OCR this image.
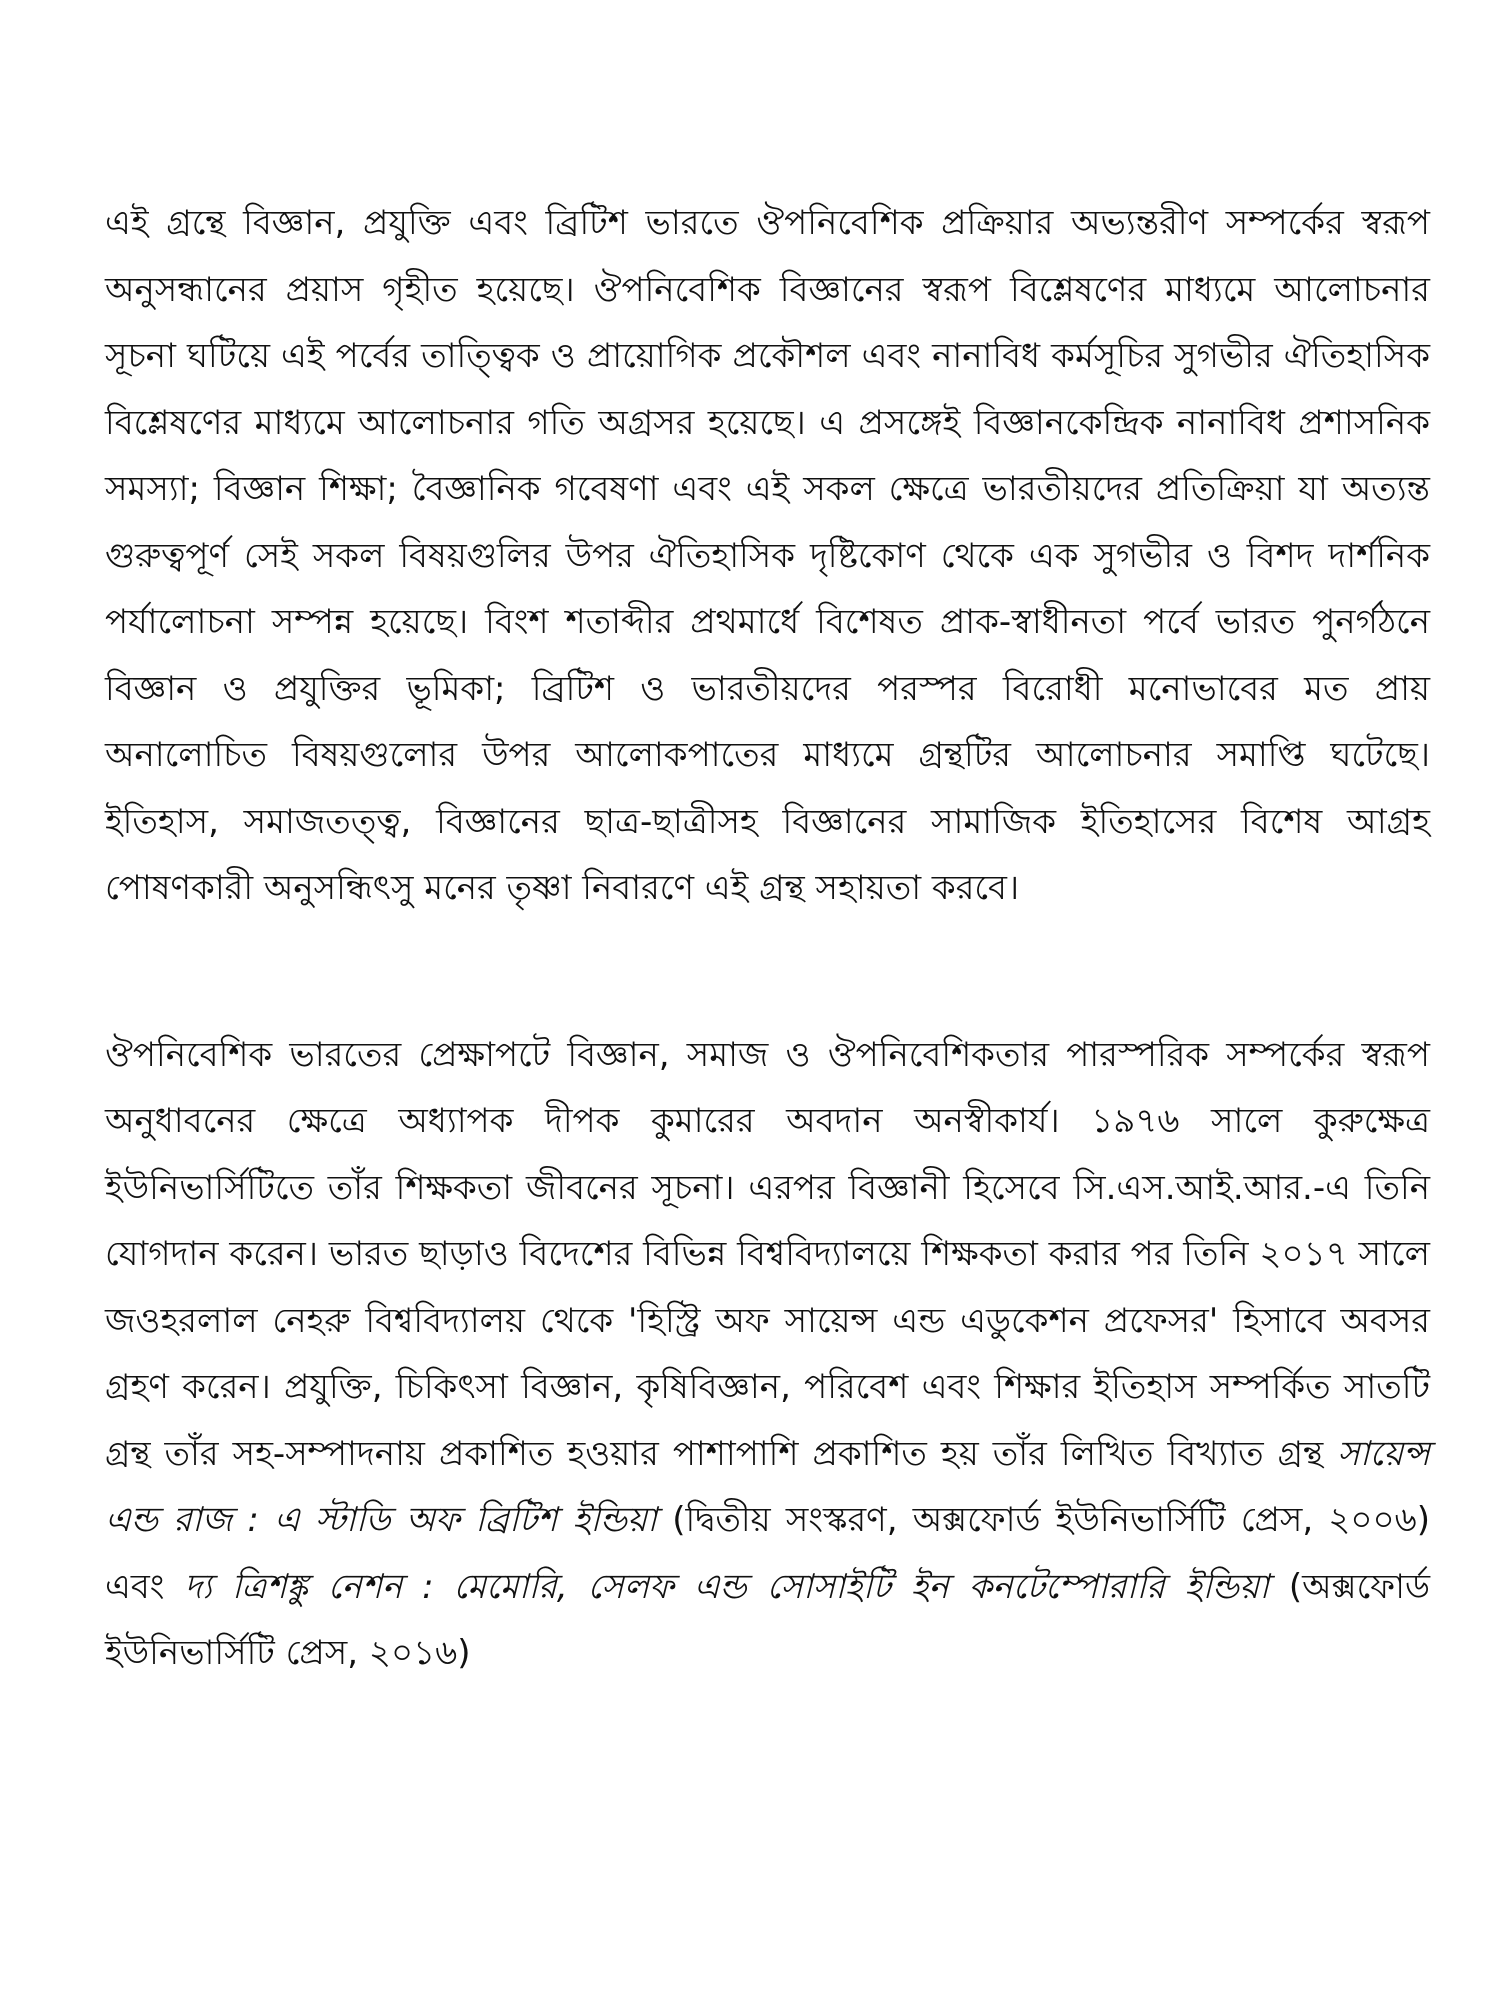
এই গ্রন্থে বিজ্ঞান, প্রযুক্তি এবং ব্রিটিশ ভারতে ঔপনিবেশিক প্রক্রিয়ার অভ্যন্তরীণ সম্পর্কের স্বরূপ অনুসন্ধানের প্রয়াস গৃহীত হয়েছে। ঔপনিবেশিক বিজ্ঞানের স্বরূপ বিশ্লেষণের মাধ্যমে আলোচনার সূচনা ঘটিয়ে এই পর্বের তাত্ত্বিক ও প্রায়োগিক প্রকৌশল এবং নানাবিধ কর্মসূচির সুগভীর ঐতিহাসিক বিশ্লেষণের মাধ্যমে আলোচনার গতি অগ্রসর হয়েছে। এ প্রসঙ্গেই বিজ্ঞানকেন্দ্রিক নানাবিধ প্রশাসনিক সমস্যা; বিজ্ঞান শিক্ষা; বৈজ্ঞানিক গবেষণা এবং এই সকল ক্ষেত্রে ভারতীয়দের প্রতিক্রিয়া যা অত্যন্ত গুরুত্বপূর্ণ সেই সকল বিষয়গুলির উপর ঐতিহাসিক দৃষ্টিকোণ থেকে এক সুগভীর ও বিশদ দার্শনিক পর্যালোচনা সম্পন্ন হয়েছে। বিংশ শতাব্দীর প্রথমার্ধে বিশেষত প্রাক-স্বাধীনতা পর্বে ভারত পুনর্গঠনে বিজ্ঞান ও প্রযুক্তির ভূমিকা; ব্রিটিশ ও ভারতীয়দের পরস্পর বিরোধী মনোভাবের মত প্রায় অনালোচিত বিষয়গুলোর উপর আলোকপাতের মাধ্যমে গ্রন্থটির আলোচনার সমাপ্তি ঘটেছে। ইতিহাস, সমাজতত্ত্ব, বিজ্ঞানের ছাত্র-ছাত্রীসহ বিজ্ঞানের সামাজিক ইতিহাসের বিশেষ আগ্রহ পোষণকারী অনুসন্ধিৎসু মনের তৃষ্ণা নিবারণে এই গ্রন্থ সহায়তা করবে।

ঔপনিবেশিক ভারতের প্রেক্ষাপটে বিজ্ঞান, সমাজ ও ঔপনিবেশিকতার পারস্পরিক সম্পর্কের স্বরূপ অনুধাবনের ক্ষেত্রে অধ্যাপক দীপক কুমারের অবদান অনস্বীকার্য। ১৯৭৬ সালে কুরুক্ষেত্র ইউনিভার্সিটিতে তাঁর শিক্ষকতা জীবনের সূচনা। এরপর বিজ্ঞানী হিসেবে সি.এস.আই.আর.-এ তিনি যোগদান করেন। ভারত ছাড়াও বিদেশের বিভিন্ন বিশ্ববিদ্যালয়ে শিক্ষকতা করার পর তিনি ২০১৭ সালে জওহরলাল নেহরু বিশ্ববিদ্যালয় থেকে 'হিস্ট্রি অফ সায়েন্স এন্ড এডুকেশন প্রফেসর' হিসাবে অবসর গ্রহণ করেন। প্রযুক্তি, চিকিৎসা বিজ্ঞান, কৃষিবিজ্ঞান, পরিবেশ এবং শিক্ষার ইতিহাস সম্পর্কিত সাতটি গ্রন্থ তাঁর সহ-সম্পাদনায় প্রকাশিত হওয়ার পাশাপাশি প্রকাশিত হয় তাঁর লিখিত বিখ্যাত গ্রন্থ সায়েন্স এন্ড রাজ : এ স্টাডি অফ ব্রিটিশ ইন্ডিয়া (দ্বিতীয় সংস্করণ, অক্সফোর্ড ইউনিভার্সিটি প্রেস, ২০০৬) এবং দ্য ত্রিশঙ্কু নেশন : মেমোরি, সেলফ এন্ড সোসাইটি ইন কনটেম্পোরারি ইন্ডিয়া (অক্সফোর্ড ইউনিভার্সিটি প্রেস, ২০১৬)
